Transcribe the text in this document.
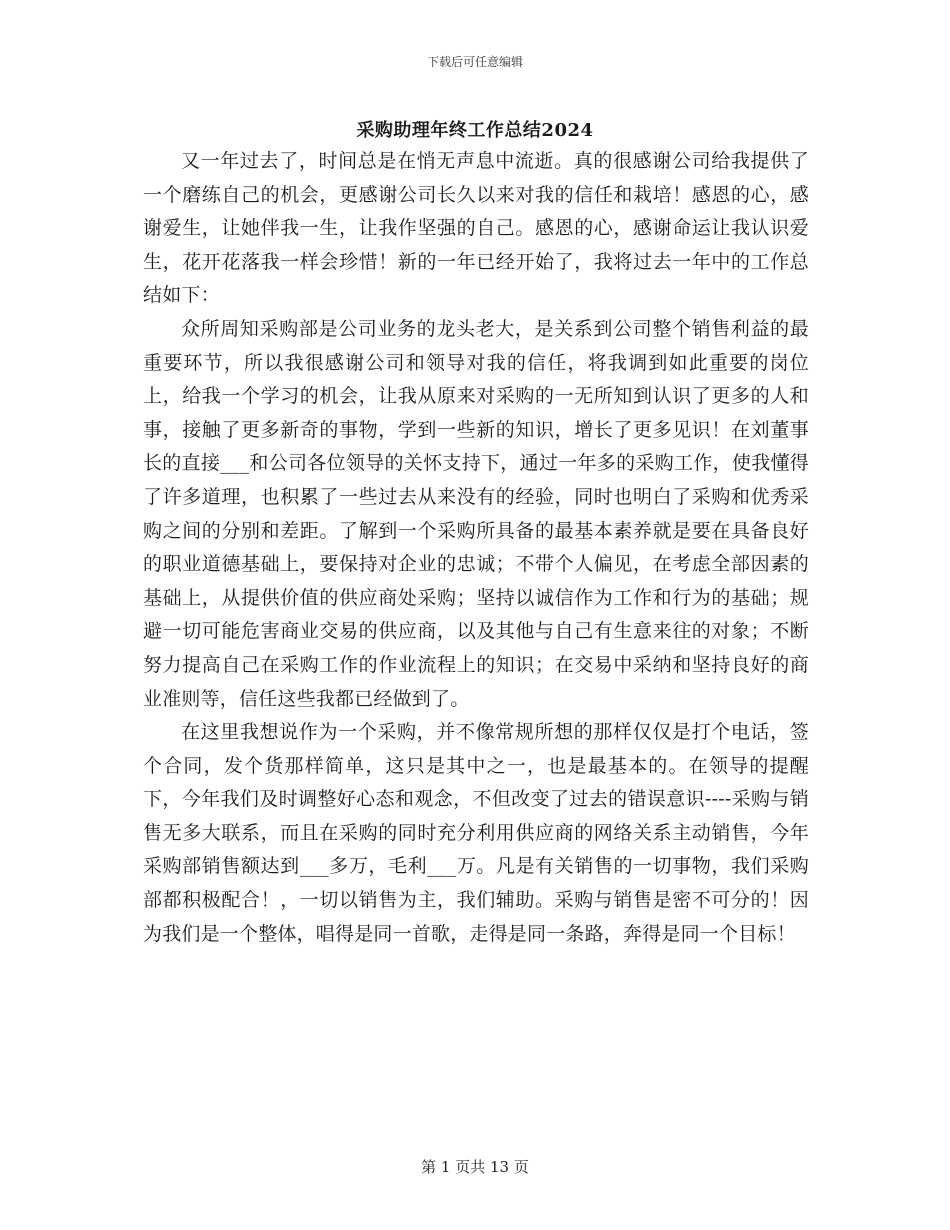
下载后可任意编辑
采购助理年终工作总结2024

又一年过去了，时间总是在悄无声息中流逝。真的很感谢公司给我提供了一个磨练自己的机会，更感谢公司长久以来对我的信任和栽培！感恩的心，感谢爱生，让她伴我一生，让我作坚强的自己。感恩的心，感谢命运让我认识爱生，花开花落我一样会珍惜！新的一年已经开始了，我将过去一年中的工作总结如下：

众所周知采购部是公司业务的龙头老大，是关系到公司整个销售利益的最重要环节，所以我很感谢公司和领导对我的信任，将我调到如此重要的岗位上，给我一个学习的机会，让我从原来对采购的一无所知到认识了更多的人和事，接触了更多新奇的事物，学到一些新的知识，增长了更多见识！在刘董事长的直接___和公司各位领导的关怀支持下，通过一年多的采购工作，使我懂得了许多道理，也积累了一些过去从来没有的经验，同时也明白了采购和优秀采购之间的分别和差距。了解到一个采购所具备的最基本素养就是要在具备良好的职业道德基础上，要保持对企业的忠诚；不带个人偏见，在考虑全部因素的基础上，从提供价值的供应商处采购；坚持以诚信作为工作和行为的基础；规避一切可能危害商业交易的供应商，以及其他与自己有生意来往的对象；不断努力提高自己在采购工作的作业流程上的知识；在交易中采纳和坚持良好的商业准则等，信任这些我都已经做到了。

在这里我想说作为一个采购，并不像常规所想的那样仅仅是打个电话，签个合同，发个货那样简单，这只是其中之一，也是最基本的。在领导的提醒下，今年我们及时调整好心态和观念，不但改变了过去的错误意识----采购与销售无多大联系，而且在采购的同时充分利用供应商的网络关系主动销售，今年采购部销售额达到___多万，毛利___万。凡是有关销售的一切事物，我们采购部都积极配合！，一切以销售为主，我们辅助。采购与销售是密不可分的！因为我们是一个整体，唱得是同一首歌，走得是同一条路，奔得是同一个目标！

第 1 页共 13 页
